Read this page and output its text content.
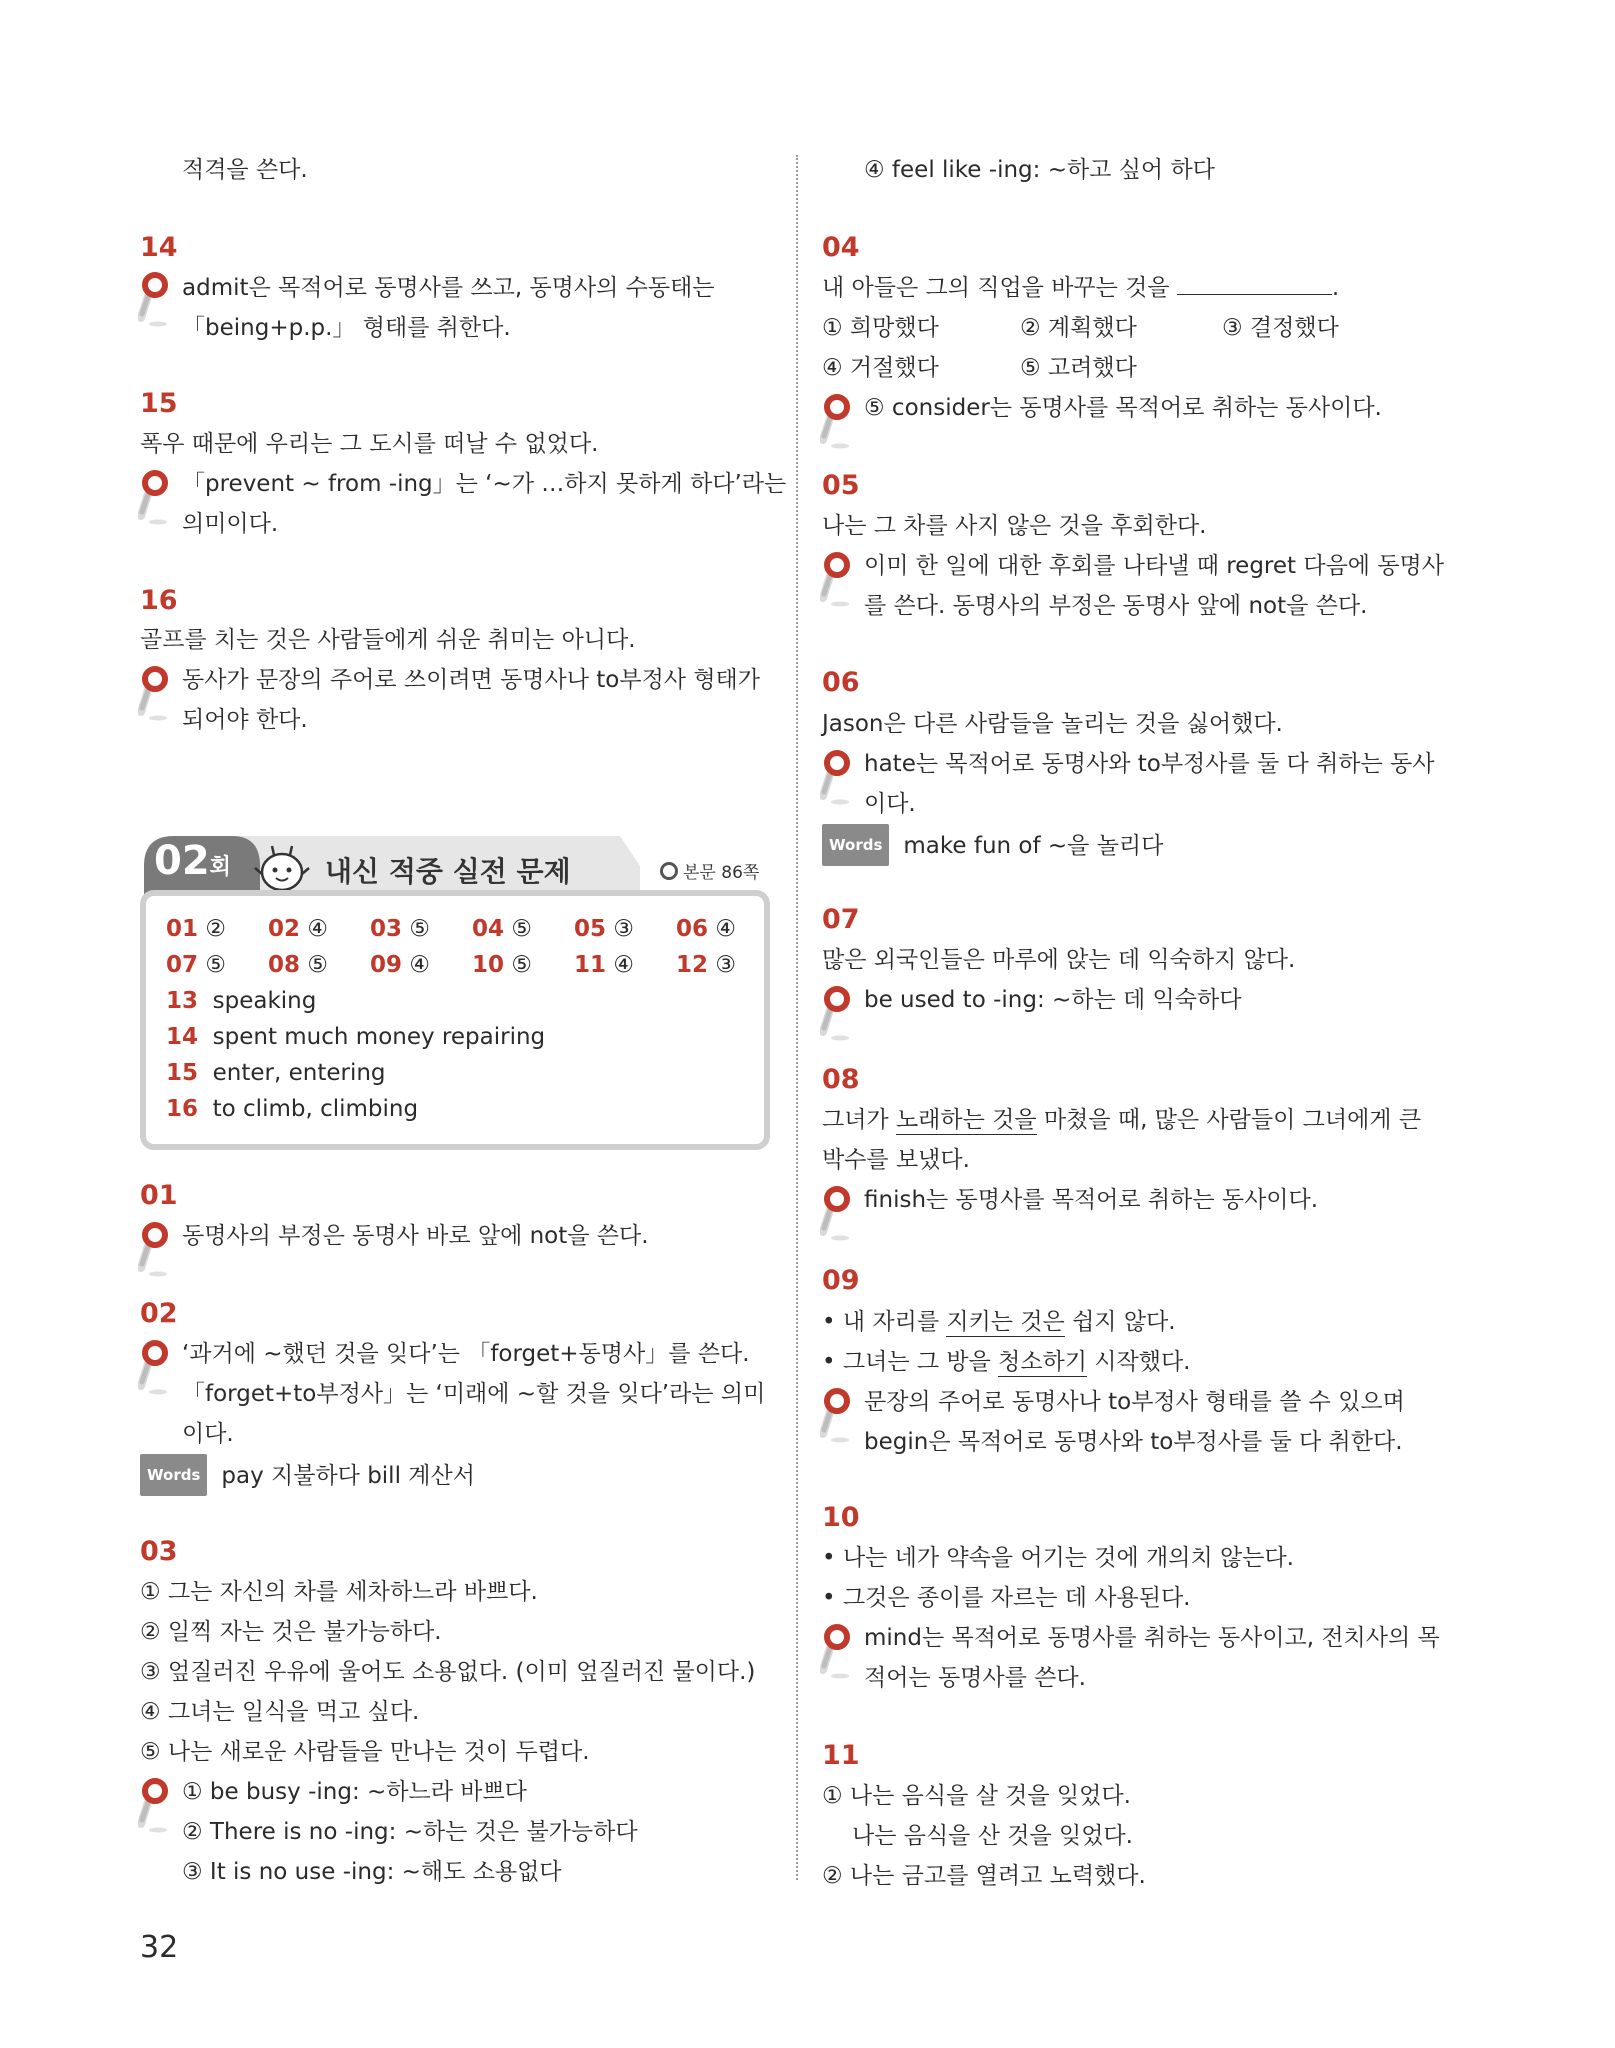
적격을 쓴다.
14
admit은 목적어로 동명사를 쓰고, 동명사의 수동태는
「being+p.p.」 형태를 취한다.
15
폭우 때문에 우리는 그 도시를 떠날 수 없었다.
「prevent ~ from -ing」는 ‘~가 …하지 못하게 하다’라는
의미이다.
16
골프를 치는 것은 사람들에게 쉬운 취미는 아니다.
동사가 문장의 주어로 쓰이려면 동명사나 to부정사 형태가
되어야 한다.
02회	내신 적중 실전 문제	본문 86쪽
01 ② 02 ④ 03 ⑤ 04 ⑤ 05 ③ 06 ④
07 ⑤ 08 ⑤ 09 ④ 10 ⑤ 11 ④ 12 ③
13 speaking
14 spent much money repairing
15 enter, entering
16 to climb, climbing
01
동명사의 부정은 동명사 바로 앞에 not을 쓴다.
02
‘과거에 ~했던 것을 잊다’는 「forget+동명사」를 쓴다.
「forget+to부정사」는 ‘미래에 ~할 것을 잊다’라는 의미
이다.
Words pay 지불하다 bill 계산서
03
① 그는 자신의 차를 세차하느라 바쁘다.
② 일찍 자는 것은 불가능하다.
③ 엎질러진 우유에 울어도 소용없다. (이미 엎질러진 물이다.)
④ 그녀는 일식을 먹고 싶다.
⑤ 나는 새로운 사람들을 만나는 것이 두렵다.
① be busy -ing: ~하느라 바쁘다
② There is no -ing: ~하는 것은 불가능하다
③ It is no use -ing: ~해도 소용없다
④ feel like -ing: ~하고 싶어 하다
04
내 아들은 그의 직업을 바꾸는 것을	.
① 희망했다	② 계획했다	③ 결정했다
④ 거절했다	⑤ 고려했다
⑤ consider는 동명사를 목적어로 취하는 동사이다.
05
나는 그 차를 사지 않은 것을 후회한다.
이미 한 일에 대한 후회를 나타낼 때 regret 다음에 동명사
를 쓴다. 동명사의 부정은 동명사 앞에 not을 쓴다.
06
Jason은 다른 사람들을 놀리는 것을 싫어했다.
hate는 목적어로 동명사와 to부정사를 둘 다 취하는 동사
이다.
Words make fun of ~을 놀리다
07
많은 외국인들은 마루에 앉는 데 익숙하지 않다.
be used to -ing: ~하는 데 익숙하다
08
그녀가 노래하는 것을 마쳤을 때, 많은 사람들이 그녀에게 큰
박수를 보냈다.
finish는 동명사를 목적어로 취하는 동사이다.
09
• 내 자리를 지키는 것은 쉽지 않다.
• 그녀는 그 방을 청소하기 시작했다.
문장의 주어로 동명사나 to부정사 형태를 쓸 수 있으며
begin은 목적어로 동명사와 to부정사를 둘 다 취한다.
10
• 나는 네가 약속을 어기는 것에 개의치 않는다.
• 그것은 종이를 자르는 데 사용된다.
mind는 목적어로 동명사를 취하는 동사이고, 전치사의 목
적어는 동명사를 쓴다.
11
① 나는 음식을 살 것을 잊었다.
나는 음식을 산 것을 잊었다.
② 나는 금고를 열려고 노력했다.
32
